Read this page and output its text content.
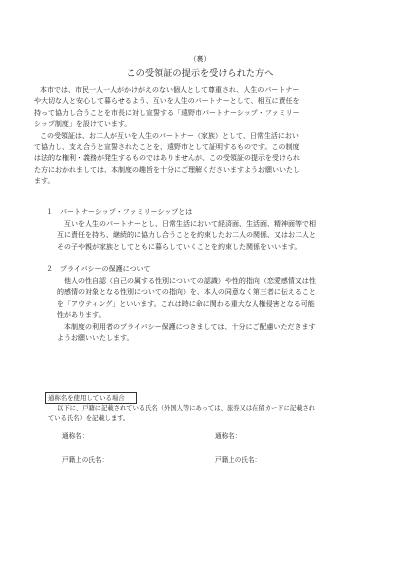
（裏）
この受領証の提示を受けられた方へ
本市では、市民一人一人がかけがえのない個人として尊重され、人生のパートナー
や大切な人と安心して暮らせるよう、互いを人生のパートナーとして、相互に責任を
持って協力し合うことを市長に対し宣誓する「遠野市パートナーシップ・ファミリー
シップ制度」を設けています。
この受領証は、お二人が互いを人生のパートナー（家族）として、日常生活におい
て協力し、支え合うと宣誓されたことを、遠野市として証明するものです。この制度
は法的な権利・義務が発生するものではありませんが、この受領証の提示を受けられ
た方におかれましては、本制度の趣旨を十分にご理解くださいますようお願いいたし
ます。
１　パートナーシップ・ファミリーシップとは
互いを人生のパートナーとし、日常生活において経済面、生活面、精神面等で相
互に責任を持ち、継続的に協力し合うことを約束したお二人の関係、又はお二人と
その子や親が家族としてともに暮らしていくことを約束した関係をいいます。
２　プライバシーの保護について
他人の性自認（自己の属する性別についての認識）や性的指向（恋愛感情又は性
的感情の対象となる性別についての指向）を、本人の同意なく第三者に伝えること
を「アウティング」といいます。これは時に命に関わる重大な人権侵害となる可能
性があります。
本制度の利用者のプライバシー保護につきましては、十分にご配慮いただきます
ようお願いいたします。
通称名を使用している場合
以下に、戸籍に記載されている氏名（外国人等にあっては、旅券又は在留カードに記載され
ている氏名）を記載します。
通称名：	通称名：
戸籍上の氏名：	戸籍上の氏名：
